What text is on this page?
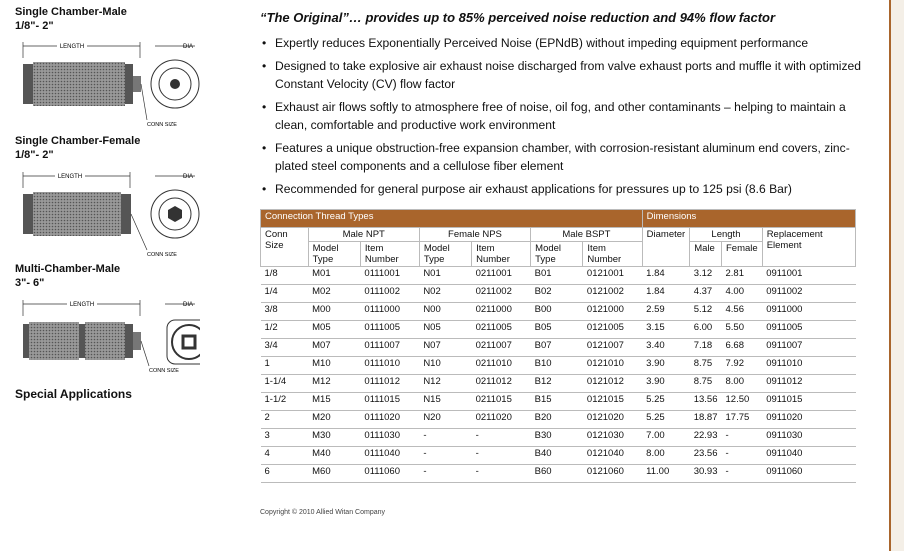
Single Chamber-Male
1/8"- 2"
LENGTH
CONN SIZE
DIA
Single Chamber-Female
1/8"- 2"
LENGTH
CONN SIZE
DIA
Multi-Chamber-Male
3"- 6"
LENGTH
CONN SIZE
DIA
Special Applications
“The Original”… provides up to 85% perceived noise reduction and 94% flow factor
• Expertly reduces Exponentially Perceived Noise (EPNdB) without impeding equipment performance
• Designed to take explosive air exhaust noise discharged from valve exhaust ports and muffle it with optimized Constant Velocity (CV) flow factor
• Exhaust air flows softly to atmosphere free of noise, oil fog, and other contaminants – helping to maintain a clean, comfortable and productive work environment
• Features a unique obstruction-free expansion chamber, with corrosion-resistant aluminum end covers, zinc-plated steel components and a cellulose fiber element
• Recommended for general purpose air exhaust applications for pressures up to 125 psi (8.6 Bar)
Connection Thread Types							Dimensions			
Conn Size	Male NPT		Female NPS		Male BSPT		Diameter	Length		Replacement Element
	Model Type	Item Number	Model Type	Item Number	Model Type	Item Number		Male	Female	
1/8	M01	0111001	N01	0211001	B01	0121001	1.84	3.12	2.81	0911001
1/4	M02	0111002	N02	0211002	B02	0121002	1.84	4.37	4.00	0911002
3/8	M00	0111000	N00	0211000	B00	0121000	2.59	5.12	4.56	0911000
1/2	M05	0111005	N05	0211005	B05	0121005	3.15	6.00	5.50	0911005
3/4	M07	0111007	N07	0211007	B07	0121007	3.40	7.18	6.68	0911007
1	M10	0111010	N10	0211010	B10	0121010	3.90	8.75	7.92	0911010
1-1/4	M12	0111012	N12	0211012	B12	0121012	3.90	8.75	8.00	0911012
1-1/2	M15	0111015	N15	0211015	B15	0121015	5.25	13.56	12.50	0911015
2	M20	0111020	N20	0211020	B20	0121020	5.25	18.87	17.75	0911020
3	M30	0111030	-	-	B30	0121030	7.00	22.93	-	0911030
4	M40	0111040	-	-	B40	0121040	8.00	23.56	-	0911040
6	M60	0111060	-	-	B60	0121060	11.00	30.93	-	0911060
Copyright © 2010 Allied Witan Company
